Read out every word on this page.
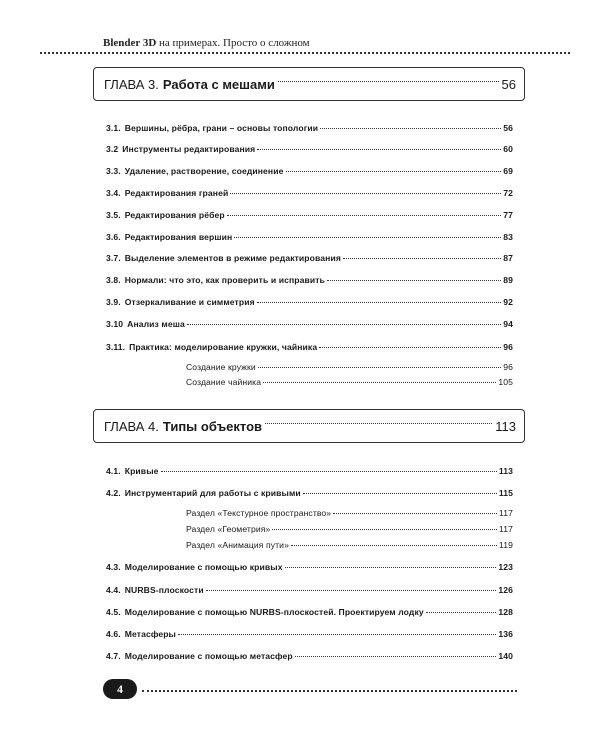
Blender 3D на примерах. Просто о сложном
ГЛАВА 3. Работа с мешами	56
3.1. Вершины, рёбра, грани – основы топологии	56
3.2 Инструменты редактирования	60
3.3. Удаление, растворение, соединение	69
3.4. Редактирования граней	72
3.5. Редактирования рёбер	77
3.6. Редактирования вершин	83
3.7. Выделение элементов в режиме редактирования	87
3.8. Нормали: что это, как проверить и исправить	89
3.9. Отзеркаливание и симметрия	92
3.10 Анализ меша	94
3.11. Практика: моделирование кружки, чайника	96
Создание кружки	96
Создание чайника	105
ГЛАВА 4. Типы объектов	113
4.1. Кривые	113
4.2. Инструментарий для работы с кривыми	115
Раздел «Текстурное пространство»	117
Раздел «Геометрия»	117
Раздел «Анимация пути»	119
4.3. Моделирование с помощью кривых	123
4.4. NURBS-плоскости	126
4.5. Моделирование с помощью NURBS-плоскостей. Проектируем лодку	128
4.6. Метасферы	136
4.7. Моделирование с помощью метасфер	140
4
